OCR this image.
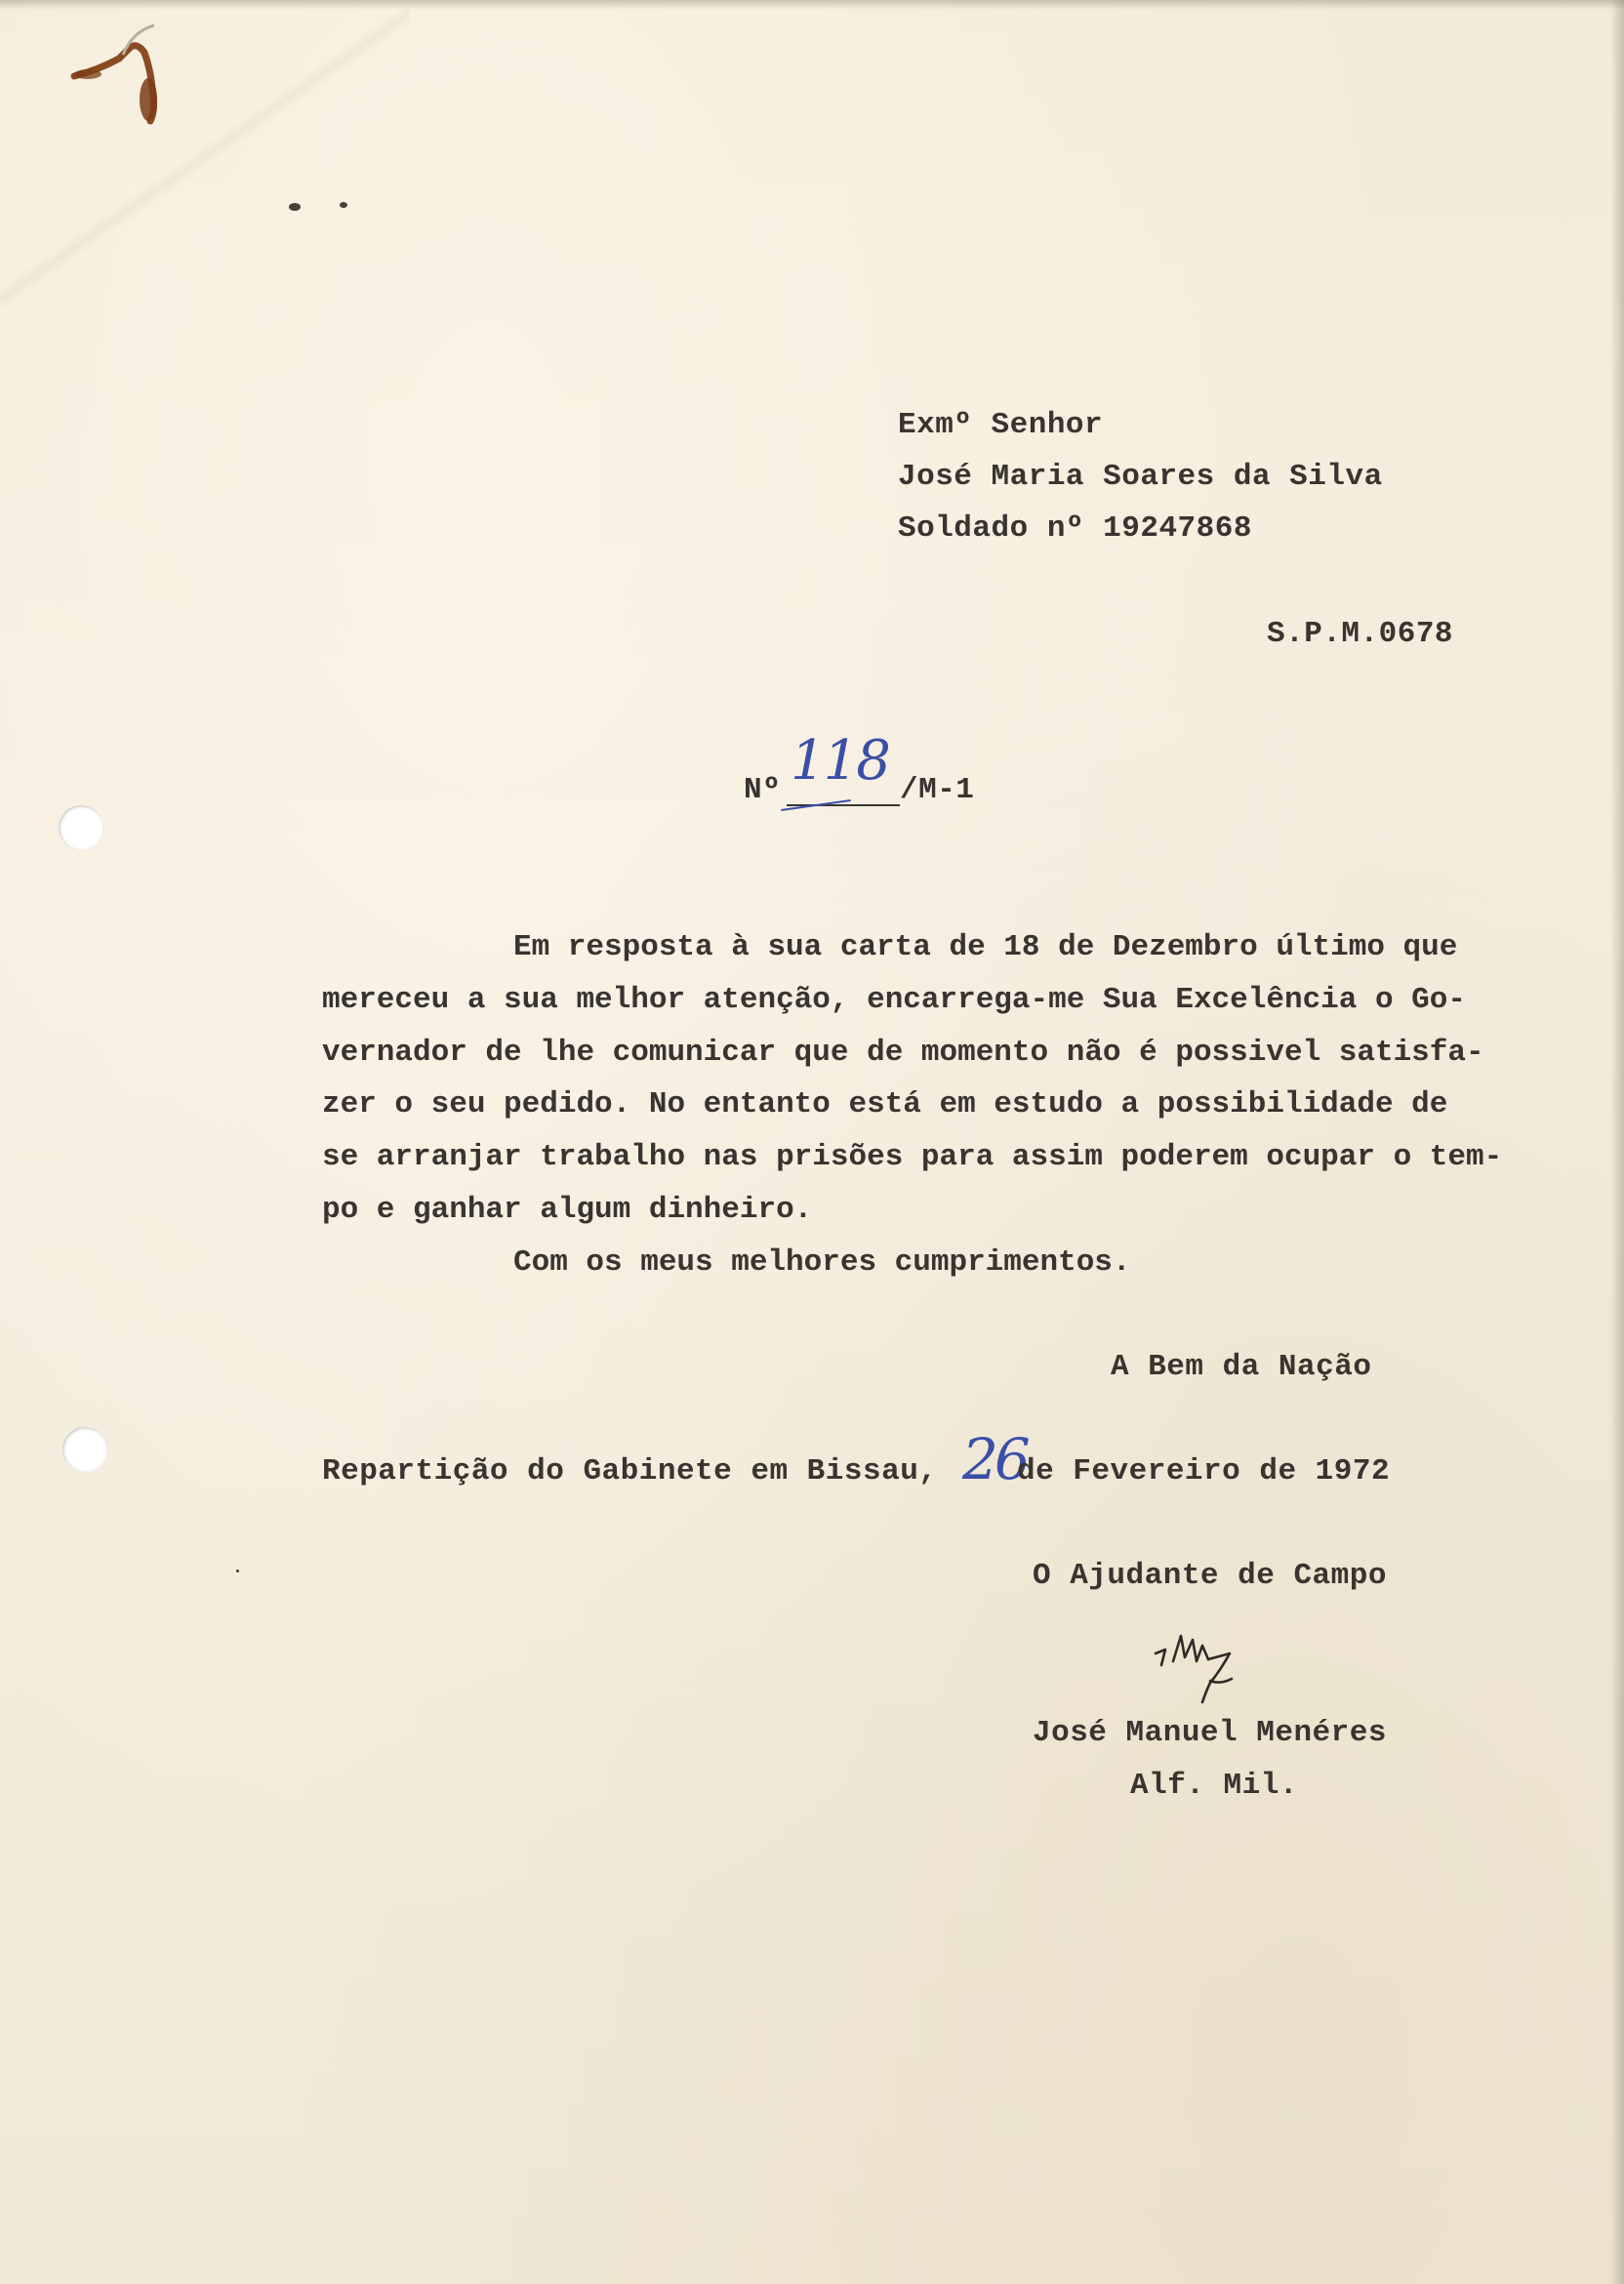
Exmº Senhor
José Maria Soares da Silva
Soldado nº 19247868
S.P.M.0678
Nº 118 /M-1
Em resposta à sua carta de 18 de Dezembro último que
mereceu a sua melhor atenção, encarrega-me Sua Excelência o Go-
vernador de lhe comunicar que de momento não é possivel satisfa-
zer o seu pedido. No entanto está em estudo a possibilidade de
se arranjar trabalho nas prisões para assim poderem ocupar o tem-
po e ganhar algum dinheiro.
Com os meus melhores cumprimentos.
A Bem da Nação
Repartição do Gabinete em Bissau, 26
de Fevereiro de 1972
O Ajudante de Campo
José Manuel Menéres
Alf. Mil.
